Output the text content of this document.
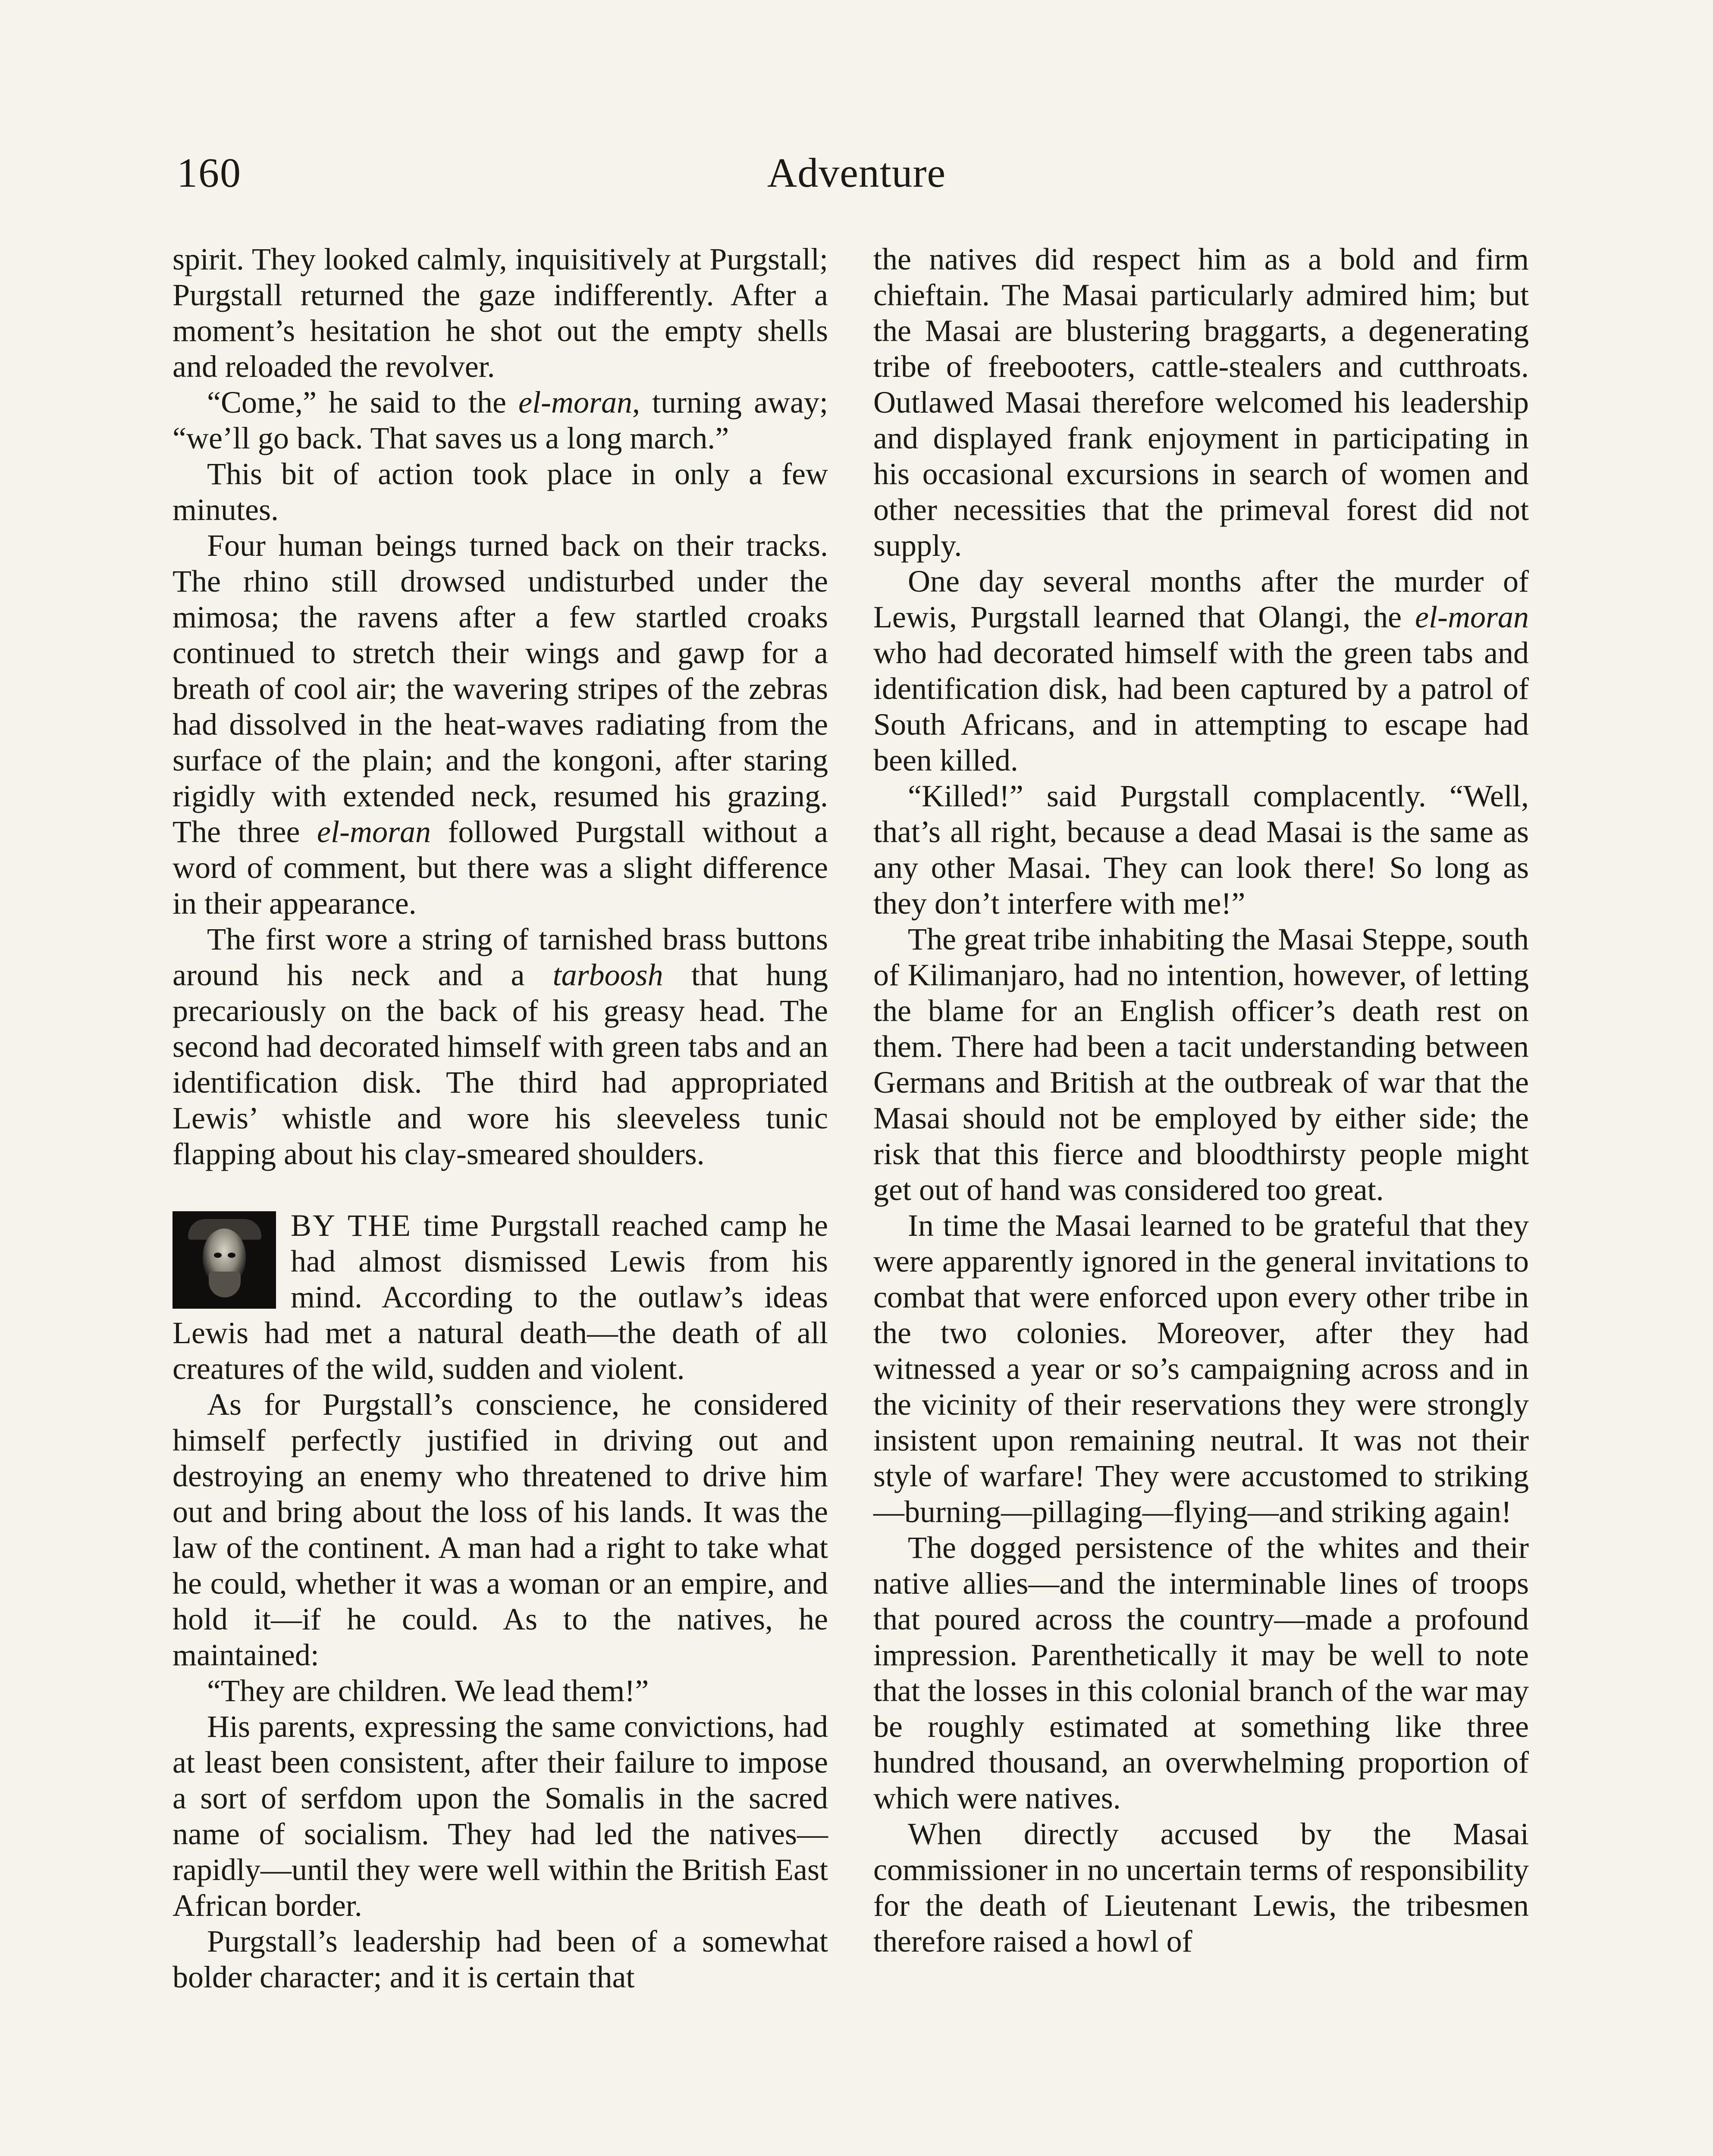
160	Adventure

spirit. They looked calmly, inquisitively at Purgstall; Purgstall returned the gaze indifferently. After a moment’s hesitation he shot out the empty shells and reloaded the revolver.

“Come,” he said to the el-moran, turning away; “we’ll go back. That saves us a long march.”

This bit of action took place in only a few minutes.

Four human beings turned back on their tracks. The rhino still drowsed undisturbed under the mimosa; the ravens after a few startled croaks continued to stretch their wings and gawp for a breath of cool air; the wavering stripes of the zebras had dissolved in the heat-waves radiating from the surface of the plain; and the kongoni, after staring rigidly with extended neck, resumed his grazing. The three el-moran followed Purgstall without a word of comment, but there was a slight difference in their appearance.

The first wore a string of tarnished brass buttons around his neck and a tarboosh that hung precariously on the back of his greasy head. The second had decorated himself with green tabs and an identification disk. The third had appropriated Lewis’ whistle and wore his sleeveless tunic flapping about his clay-smeared shoulders.

BY THE time Purgstall reached camp he had almost dismissed Lewis from his mind. According to the outlaw’s ideas Lewis had met a natural death—the death of all creatures of the wild, sudden and violent.

As for Purgstall’s conscience, he considered himself perfectly justified in driving out and destroying an enemy who threatened to drive him out and bring about the loss of his lands. It was the law of the continent. A man had a right to take what he could, whether it was a woman or an empire, and hold it—if he could. As to the natives, he maintained:

“They are children. We lead them!”

His parents, expressing the same convictions, had at least been consistent, after their failure to impose a sort of serfdom upon the Somalis in the sacred name of socialism. They had led the natives—rapidly—until they were well within the British East African border.

Purgstall’s leadership had been of a somewhat bolder character; and it is certain that

the natives did respect him as a bold and firm chieftain. The Masai particularly admired him; but the Masai are blustering braggarts, a degenerating tribe of freebooters, cattle-stealers and cutthroats. Outlawed Masai therefore welcomed his leadership and displayed frank enjoyment in participating in his occasional excursions in search of women and other necessities that the primeval forest did not supply.

One day several months after the murder of Lewis, Purgstall learned that Olangi, the el-moran who had decorated himself with the green tabs and identification disk, had been captured by a patrol of South Africans, and in attempting to escape had been killed.

“Killed!” said Purgstall complacently. “Well, that’s all right, because a dead Masai is the same as any other Masai. They can look there! So long as they don’t interfere with me!”

The great tribe inhabiting the Masai Steppe, south of Kilimanjaro, had no intention, however, of letting the blame for an English officer’s death rest on them. There had been a tacit understanding between Germans and British at the outbreak of war that the Masai should not be employed by either side; the risk that this fierce and bloodthirsty people might get out of hand was considered too great.

In time the Masai learned to be grateful that they were apparently ignored in the general invitations to combat that were enforced upon every other tribe in the two colonies. Moreover, after they had witnessed a year or so’s campaigning across and in the vicinity of their reservations they were strongly insistent upon remaining neutral. It was not their style of warfare! They were accustomed to striking—burning—pillaging—flying—and striking again!

The dogged persistence of the whites and their native allies—and the interminable lines of troops that poured across the country—made a profound impression. Parenthetically it may be well to note that the losses in this colonial branch of the war may be roughly estimated at something like three hundred thousand, an overwhelming proportion of which were natives.

When directly accused by the Masai commissioner in no uncertain terms of responsibility for the death of Lieutenant Lewis, the tribesmen therefore raised a howl of
